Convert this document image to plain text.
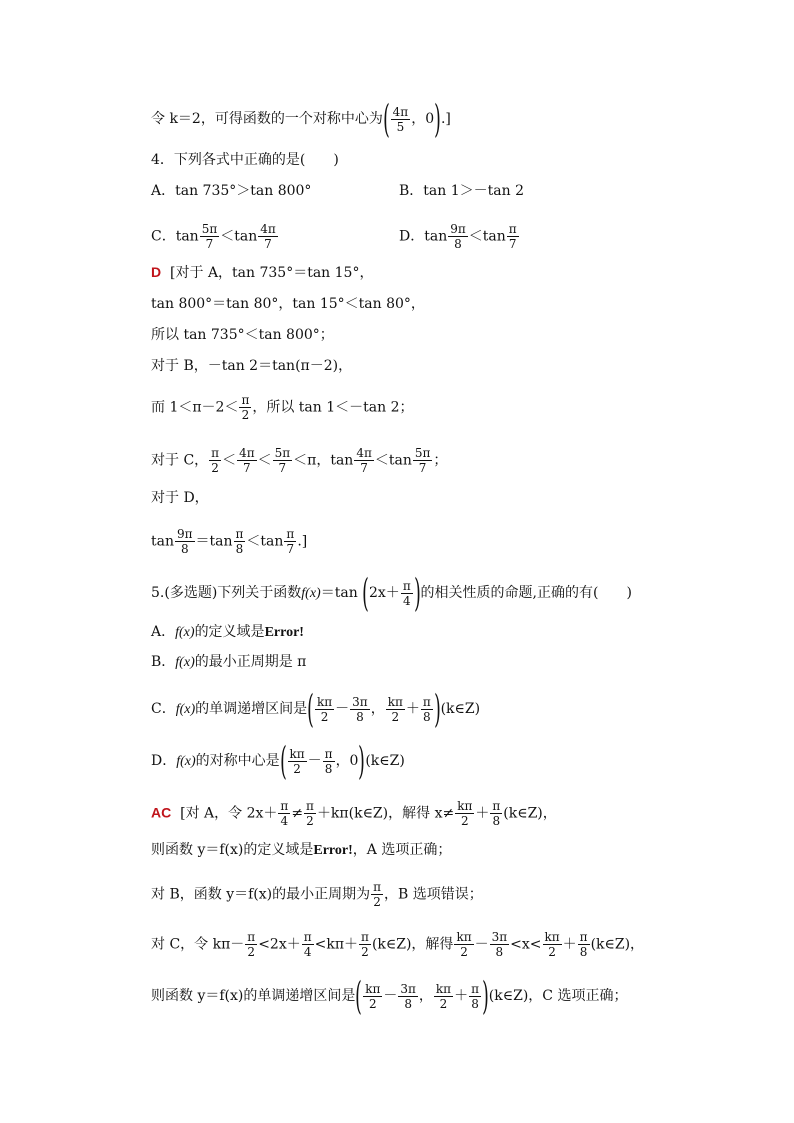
令 k＝2，可得函数的一个对称中心为( $\frac{4\pi}{5}$ ，0).]
4．下列各式中正确的是(　　)
A．tan 735°＞tan 800°	B．tan 1＞－tan 2
C．$\tan \frac{5\pi}{7} <\tan \frac{4\pi}{7}$	D．$\tan \frac{9\pi}{8} <\tan \frac{\pi}{7}$
D [对于 A，tan 735°＝tan 15°，
tan 800°＝tan 80°，tan 15°＜tan 80°，
所以 tan 735°＜tan 800°；
对于 B，－tan 2＝tan(π－2)，
而 $1<\pi-2< \frac{\pi}{2}$ ，所以 tan 1＜－tan 2；
对于 C， $\frac{\pi}{2} < \frac{4\pi}{7} < \frac{5\pi}{7} <\pi$，$\tan \frac{4\pi}{7} <\tan \frac{5\pi}{7}$ ；
对于 D，
$\tan \frac{9\pi}{8} =\tan \frac{\pi}{8} <\tan \frac{\pi}{7}$ .]
5.(多选题)下列关于函数f(x)＝tan ($2x+ \frac{\pi}{4}$ )的相关性质的命题,正确的有(　　)
A．f(x)的定义域是Error!
B．f(x)的最小正周期是 π
C．f(x)的单调递增区间是( $\frac{k\pi}{2} - \frac{3\pi}{8}$ ， $\frac{k\pi}{2} + \frac{\pi}{8}$ )(k∈Z)
D．f(x)的对称中心是( $\frac{k\pi}{2} - \frac{\pi}{8}$ ，0)(k∈Z)
AC [对 A，令 $2x+ \frac{\pi}{4} \ne \frac{\pi}{2}$ ＋kπ(k∈Z)，解得 $x\ne \frac{k\pi}{2} + \frac{\pi}{8}$ (k∈Z)，
则函数 y＝f(x)的定义域是Error!，A 选项正确；
对 B，函数 y＝f(x)的最小正周期为 $\frac{\pi}{2}$ ，B 选项错误；
对 C，令 $k\pi- \frac{\pi}{2} <2x+ \frac{\pi}{4} <k\pi+ \frac{\pi}{2}$ (k∈Z)，解得 $\frac{k\pi}{2} - \frac{3\pi}{8} <x< \frac{k\pi}{2} + \frac{\pi}{8}$ (k∈Z)，
则函数 y＝f(x)的单调递增区间是( $\frac{k\pi}{2} - \frac{3\pi}{8}$ ， $\frac{k\pi}{2} + \frac{\pi}{8}$ )(k∈Z)，C 选项正确；
